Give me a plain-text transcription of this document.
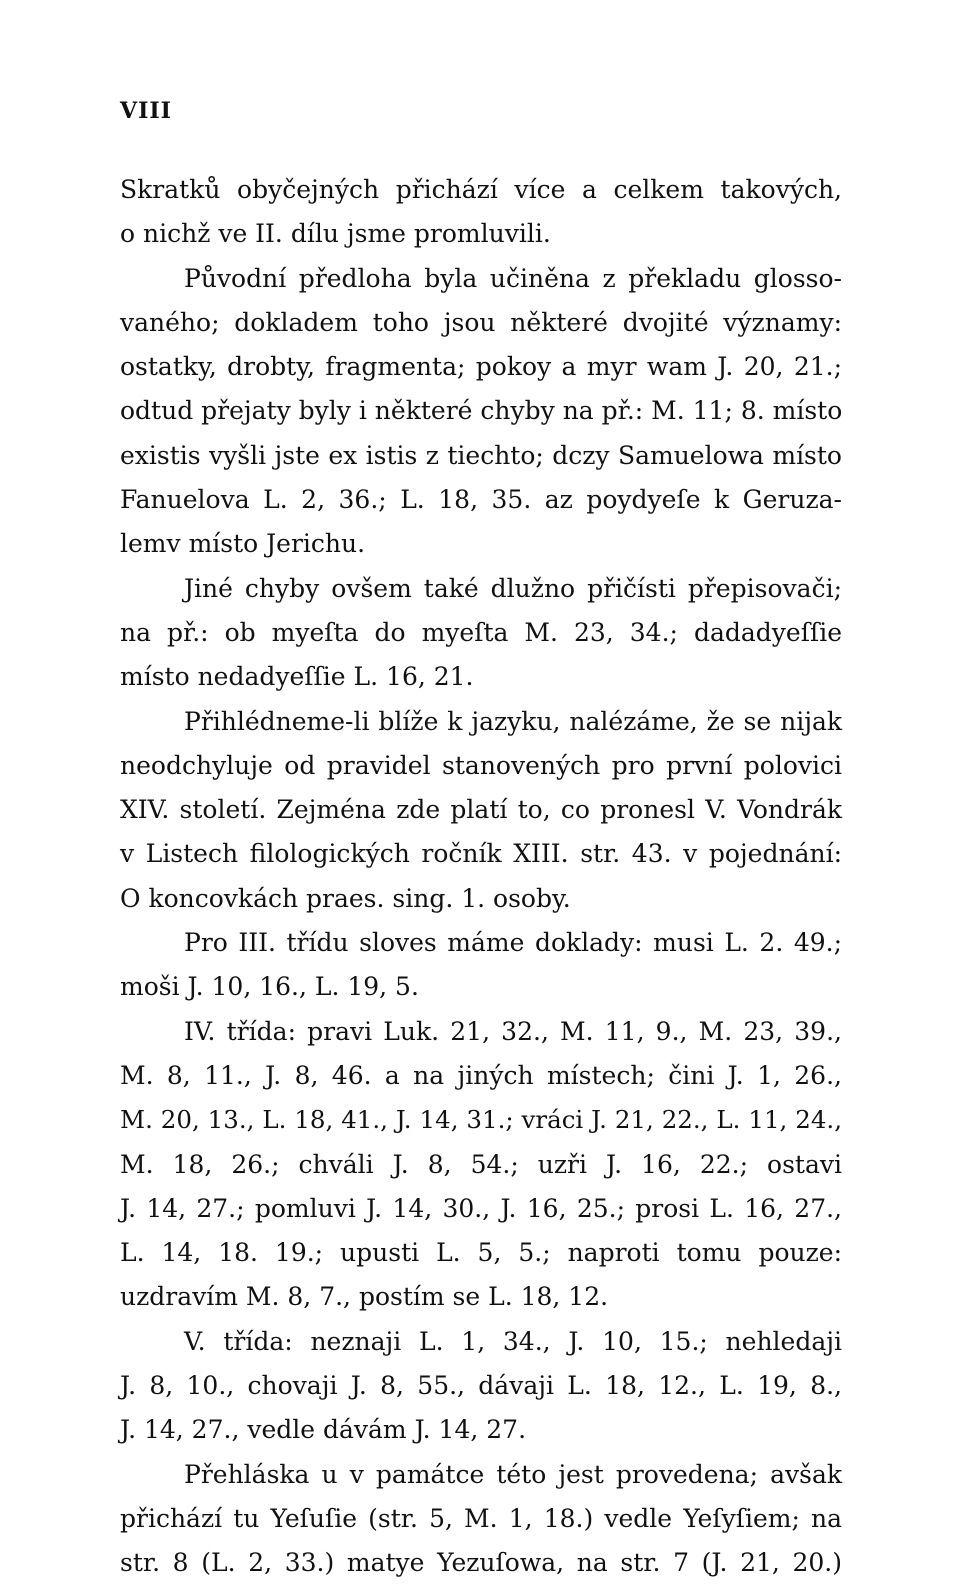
VIII
Skratků obyčejných přichází více a celkem takových,
o nichž ve II. dílu jsme promluvili.
Původní předloha byla učiněna z překladu glosso-
vaného; dokladem toho jsou některé dvojité významy:
ostatky, drobty, fragmenta; pokoy a myr wam J. 20, 21.;
odtud přejaty byly i některé chyby na př.: M. 11; 8. místo
existis vyšli jste ex istis z tiechto; dczy Samuelowa místo
Fanuelova L. 2, 36.; L. 18, 35. az poydyeſe k Geruza-
lemv místo Jerichu.
Jiné chyby ovšem také dlužno přičísti přepisovači;
na př.: ob myeſta do myeſta M. 23, 34.; dadadyeſſie
místo nedadyeſſie L. 16, 21.
Přihlédneme-li blíže k jazyku, nalézáme, že se nijak
neodchyluje od pravidel stanovených pro první polovici
XIV. století. Zejména zde platí to, co pronesl V. Vondrák
v Listech filologických ročník XIII. str. 43. v pojednání:
O koncovkách praes. sing. 1. osoby.
Pro III. třídu sloves máme doklady: musi L. 2. 49.;
moši J. 10, 16., L. 19, 5.
IV. třída: pravi Luk. 21, 32., M. 11, 9., M. 23, 39.,
M. 8, 11., J. 8, 46. a na jiných místech; čini J. 1, 26.,
M. 20, 13., L. 18, 41., J. 14, 31.; vráci J. 21, 22., L. 11, 24.,
M. 18, 26.; chváli J. 8, 54.; uzři J. 16, 22.; ostavi
J. 14, 27.; pomluvi J. 14, 30., J. 16, 25.; prosi L. 16, 27.,
L. 14, 18. 19.; upusti L. 5, 5.; naproti tomu pouze:
uzdravím M. 8, 7., postím se L. 18, 12.
V. třída: neznaji L. 1, 34., J. 10, 15.; nehledaji
J. 8, 10., chovaji J. 8, 55., dávaji L. 18, 12., L. 19, 8.,
J. 14, 27., vedle dávám J. 14, 27.
Přehláska u v památce této jest provedena; avšak
přichází tu Yeſuſie (str. 5, M. 1, 18.) vedle Yeſyſiem; na
str. 8 (L. 2, 33.) matye Yezuſowa, na str. 7 (J. 21, 20.)
